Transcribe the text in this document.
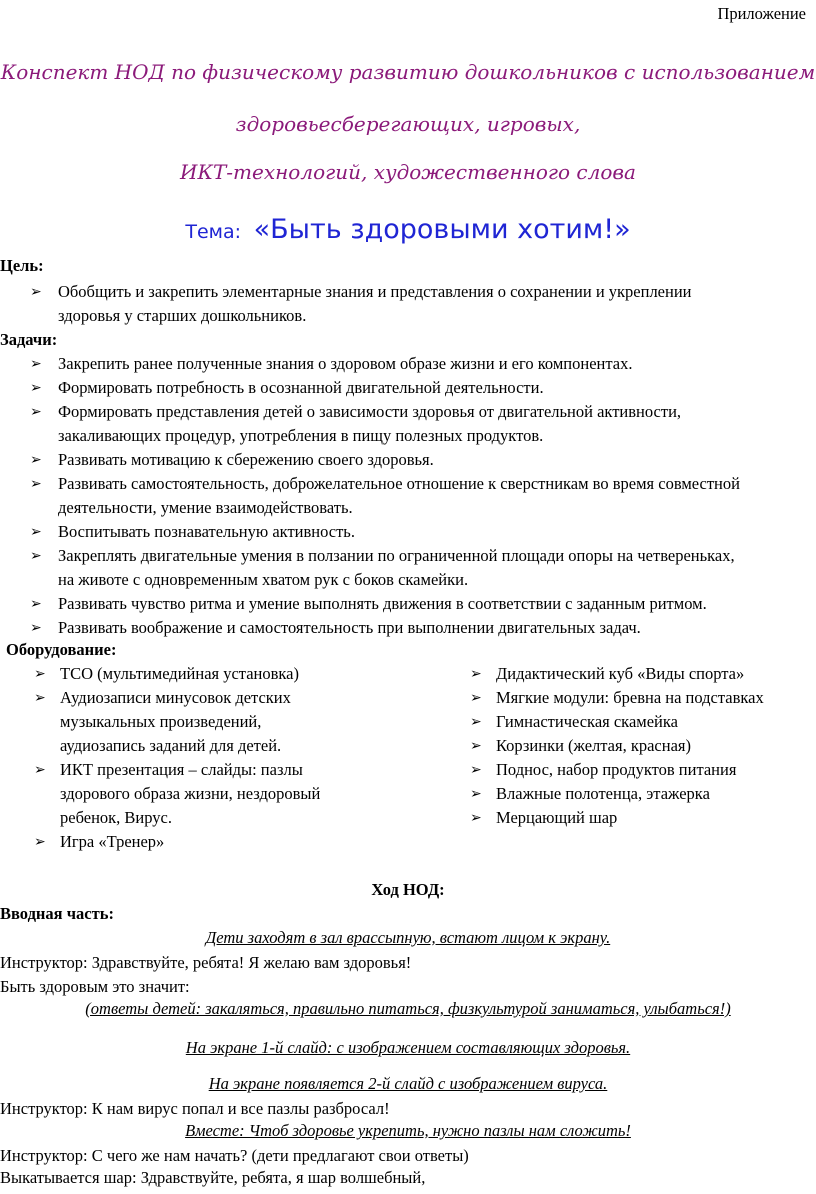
Приложение
Конспект НОД по физическому развитию дошкольников с использованием
здоровьесберегающих, игровых,
ИКТ-технологий, художественного слова
Тема: «Быть здоровыми хотим!»
Цель:
➢ Обобщить и закрепить элементарные знания и представления о сохранении и укреплении
здоровья у старших дошкольников.
Задачи:
➢ Закрепить ранее полученные знания о здоровом образе жизни и его компонентах.
➢ Формировать потребность в осознанной двигательной деятельности.
➢ Формировать представления детей о зависимости здоровья от двигательной активности,
закаливающих процедур, употребления в пищу полезных продуктов.
➢ Развивать мотивацию к сбережению своего здоровья.
➢ Развивать самостоятельность, доброжелательное отношение к сверстникам во время совместной
деятельности, умение взаимодействовать.
➢ Воспитывать познавательную активность.
➢ Закреплять двигательные умения в ползании по ограниченной площади опоры на четвереньках,
на животе с одновременным хватом рук с боков скамейки.
➢ Развивать чувство ритма и умение выполнять движения в соответствии с заданным ритмом.
➢ Развивать воображение и самостоятельность при выполнении двигательных задач.
Оборудование:
➢ ТСО (мультимедийная установка)
➢ Аудиозаписи минусовок детских
музыкальных произведений,
аудиозапись заданий для детей.
➢ ИКТ презентация – слайды: пазлы
здорового образа жизни, нездоровый
ребенок, Вирус.
➢ Игра «Тренер»
➢ Дидактический куб «Виды спорта»
➢ Мягкие модули: бревна на подставках
➢ Гимнастическая скамейка
➢ Корзинки (желтая, красная)
➢ Поднос, набор продуктов питания
➢ Влажные полотенца, этажерка
➢ Мерцающий шар
Ход НОД:
Вводная часть:
Дети заходят в зал врассыпную, встают лицом к экрану.
Инструктор: Здравствуйте, ребята! Я желаю вам здоровья!
Быть здоровым это значит:
(ответы детей: закаляться, правильно питаться, физкультурой заниматься, улыбаться!)
На экране 1-й слайд: с изображением составляющих здоровья.
На экране появляется 2-й слайд с изображением вируса.
Инструктор: К нам вирус попал и все пазлы разбросал!
Вместе: Чтоб здоровье укрепить, нужно пазлы нам сложить!
Инструктор: С чего же нам начать? (дети предлагают свои ответы)
Выкатывается шар: Здравствуйте, ребята, я шар волшебный,
